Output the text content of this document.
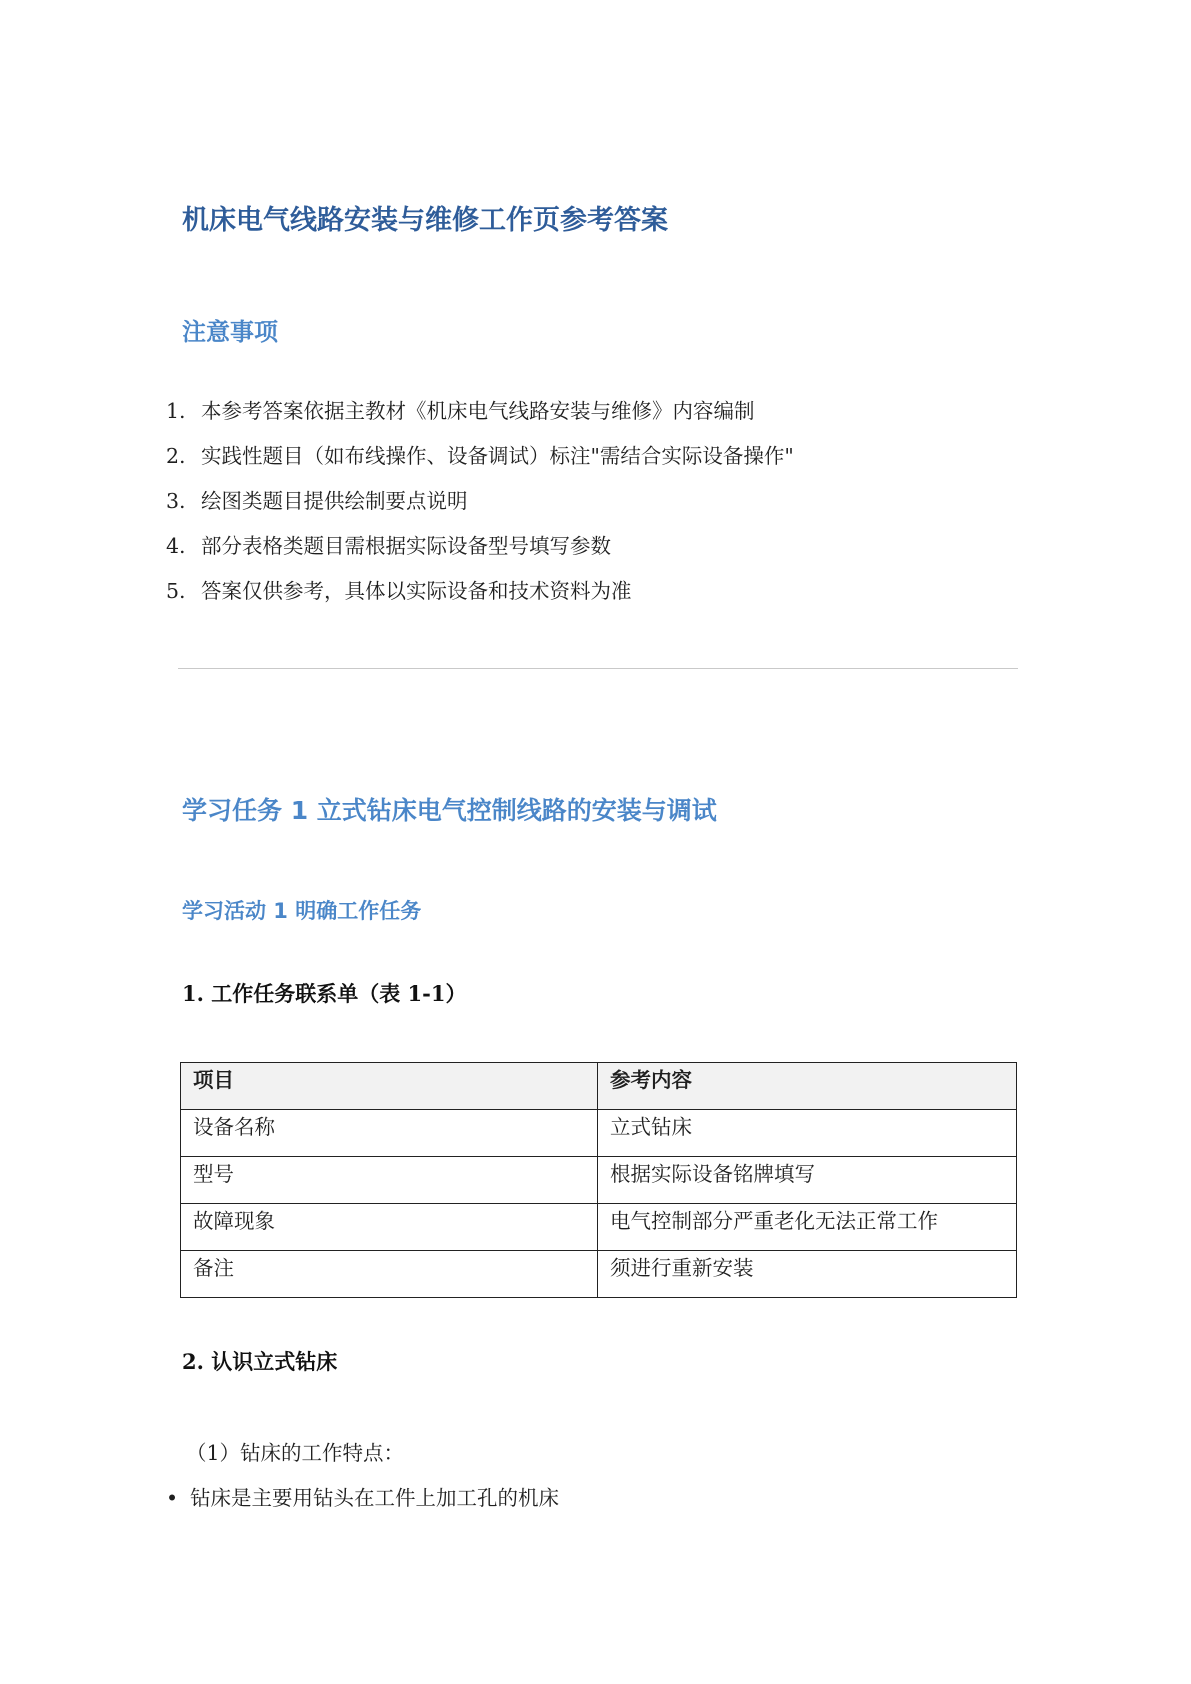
机床电气线路安装与维修工作页参考答案
注意事项
1. 本参考答案依据主教材《机床电气线路安装与维修》内容编制
2. 实践性题目（如布线操作、设备调试）标注"需结合实际设备操作"
3. 绘图类题目提供绘制要点说明
4. 部分表格类题目需根据实际设备型号填写参数
5. 答案仅供参考，具体以实际设备和技术资料为准
学习任务 1 立式钻床电气控制线路的安装与调试
学习活动 1 明确工作任务
1. 工作任务联系单（表 1-1）
项目	参考内容
设备名称	立式钻床
型号	根据实际设备铭牌填写
故障现象	电气控制部分严重老化无法正常工作
备注	须进行重新安装
2. 认识立式钻床
（1）钻床的工作特点：
• 钻床是主要用钻头在工件上加工孔的机床
